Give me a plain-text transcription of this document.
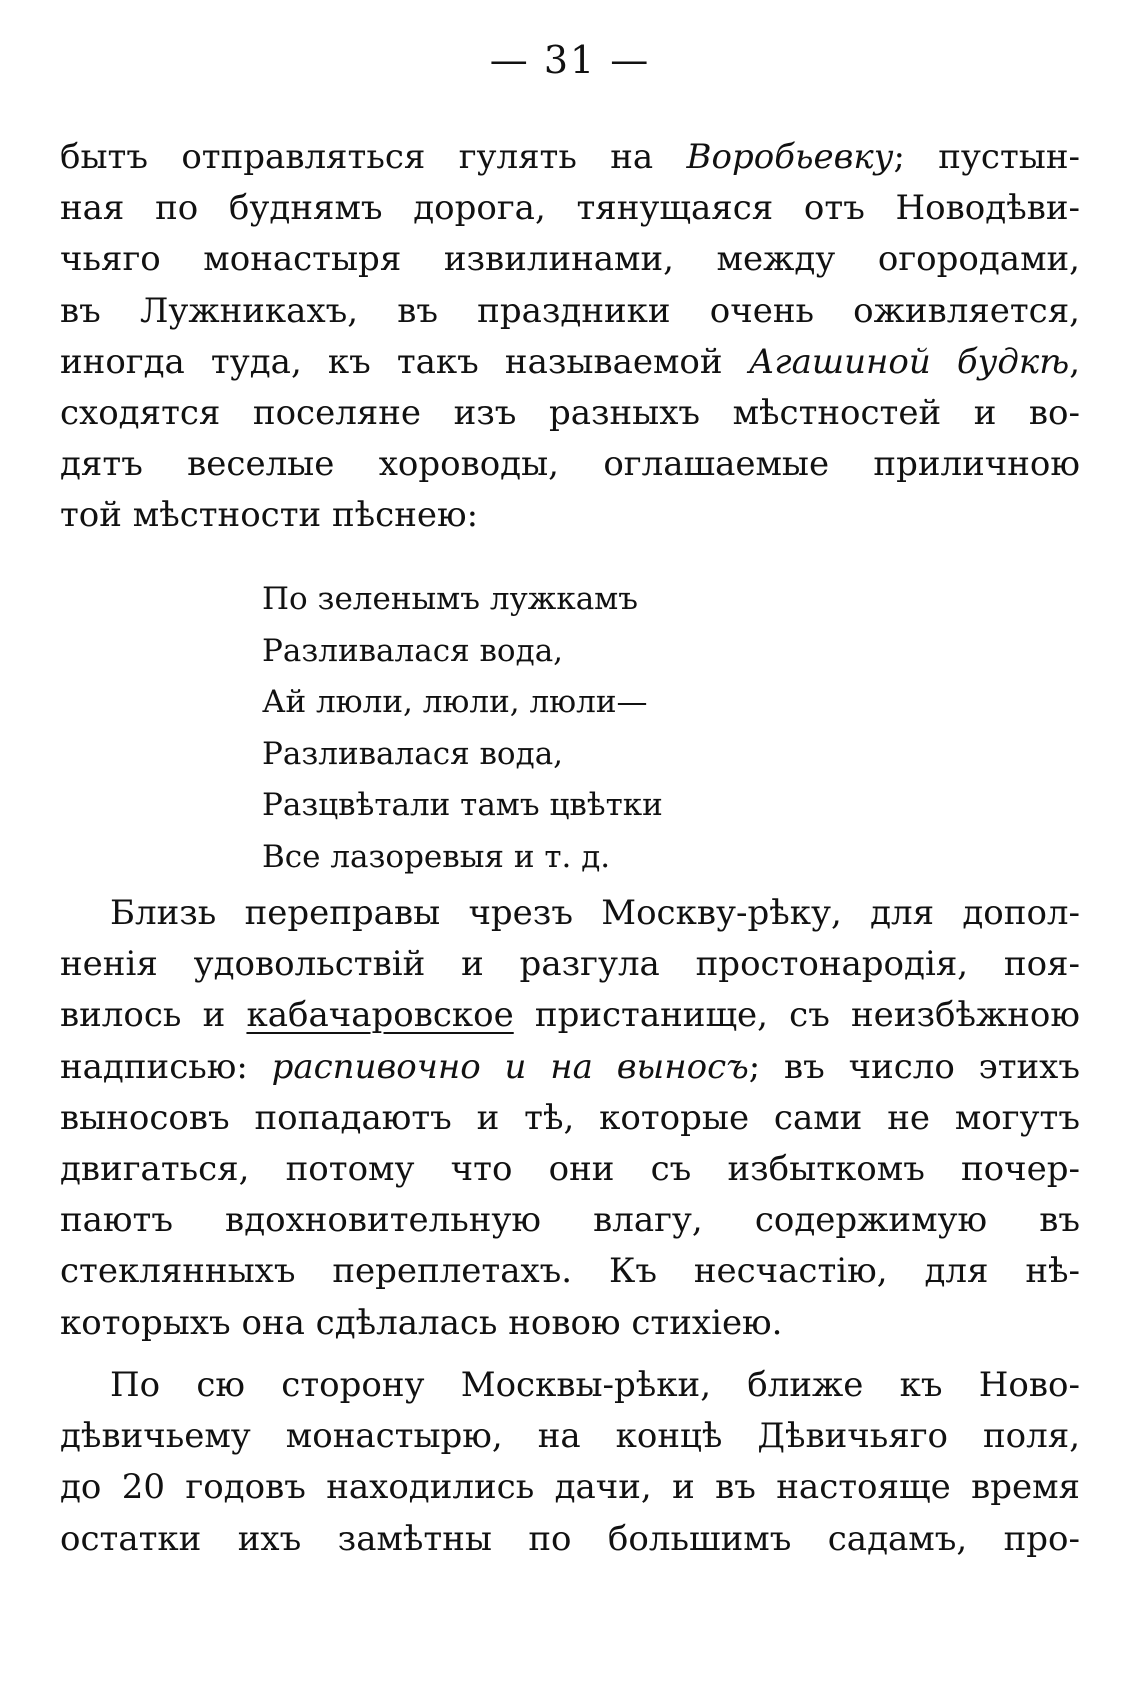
— 31 —
бытъ отправляться гулять на Воробьевку; пустын-
ная по буднямъ дорога, тянущаяся отъ Новодѣви-
чьяго монастыря извилинами, между огородами,
въ Лужникахъ, въ праздники очень оживляется,
иногда туда, къ такъ называемой Агашиной будкѣ,
сходятся поселяне изъ разныхъ мѣстностей и во-
дятъ веселые хороводы, оглашаемые приличною
той мѣстности пѣснею:
По зеленымъ лужкамъ
Разливалася вода,
Ай люли, люли, люли—
Разливалася вода,
Разцвѣтали тамъ цвѣтки
Все лазоревыя и т. д.
Близь переправы чрезъ Москву-рѣку, для допол-
ненія удовольствій и разгула простонародія, поя-
вилось и кабачаровское пристанище, съ неизбѣжною
надписью: распивочно и на выносъ; въ число этихъ
выносовъ попадаютъ и тѣ, которые сами не могутъ
двигаться, потому что они съ избыткомъ почер-
паютъ вдохновительную влагу, содержимую въ
стеклянныхъ переплетахъ. Къ несчастію, для нѣ-
которыхъ она сдѣлалась новою стихіею.
По сю сторону Москвы-рѣки, ближе къ Ново-
дѣвичьему монастырю, на концѣ Дѣвичьяго поля,
до 20 годовъ находились дачи, и въ настояще время
остатки ихъ замѣтны по большимъ садамъ, про-
